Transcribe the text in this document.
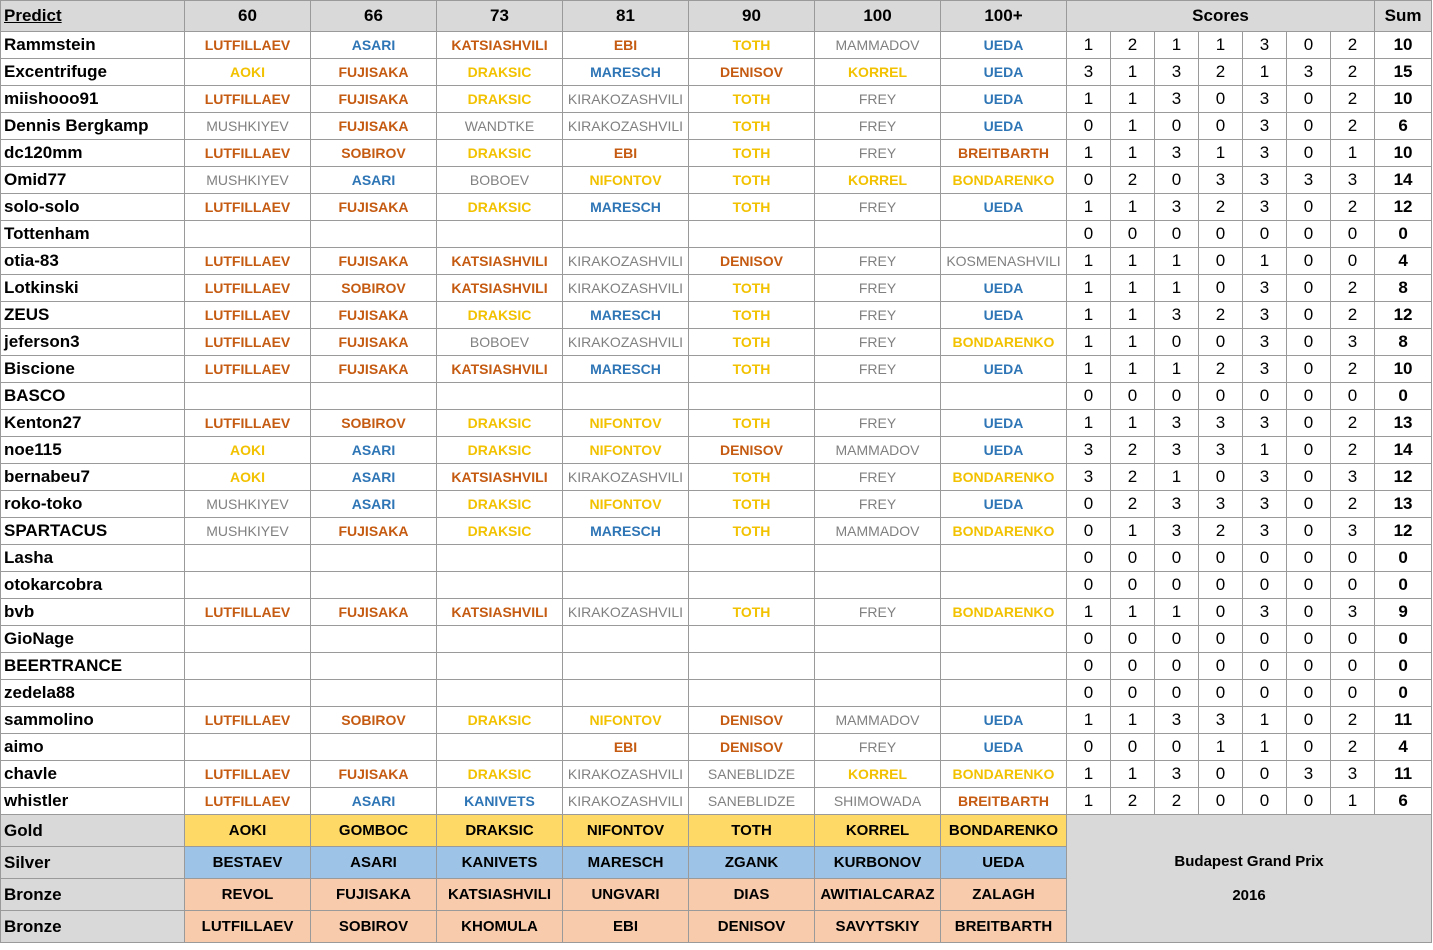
Predict	60	66	73	81	90	100	100+	Scores							Sum
Rammstein	LUTFILLAEV	ASARI	KATSIASHVILI	EBI	TOTH	MAMMADOV	UEDA	1	2	1	1	3	0	2	10
Excentrifuge	AOKI	FUJISAKA	DRAKSIC	MARESCH	DENISOV	KORREL	UEDA	3	1	3	2	1	3	2	15
miishooo91	LUTFILLAEV	FUJISAKA	DRAKSIC	KIRAKOZASHVILI	TOTH	FREY	UEDA	1	1	3	0	3	0	2	10
Dennis Bergkamp	MUSHKIYEV	FUJISAKA	WANDTKE	KIRAKOZASHVILI	TOTH	FREY	UEDA	0	1	0	0	3	0	2	6
dc120mm	LUTFILLAEV	SOBIROV	DRAKSIC	EBI	TOTH	FREY	BREITBARTH	1	1	3	1	3	0	1	10
Omid77	MUSHKIYEV	ASARI	BOBOEV	NIFONTOV	TOTH	KORREL	BONDARENKO	0	2	0	3	3	3	3	14
solo-solo	LUTFILLAEV	FUJISAKA	DRAKSIC	MARESCH	TOTH	FREY	UEDA	1	1	3	2	3	0	2	12
Tottenham								0	0	0	0	0	0	0	0
otia-83	LUTFILLAEV	FUJISAKA	KATSIASHVILI	KIRAKOZASHVILI	DENISOV	FREY	KOSMENASHVILI	1	1	1	0	1	0	0	4
Lotkinski	LUTFILLAEV	SOBIROV	KATSIASHVILI	KIRAKOZASHVILI	TOTH	FREY	UEDA	1	1	1	0	3	0	2	8
ZEUS	LUTFILLAEV	FUJISAKA	DRAKSIC	MARESCH	TOTH	FREY	UEDA	1	1	3	2	3	0	2	12
jeferson3	LUTFILLAEV	FUJISAKA	BOBOEV	KIRAKOZASHVILI	TOTH	FREY	BONDARENKO	1	1	0	0	3	0	3	8
Biscione	LUTFILLAEV	FUJISAKA	KATSIASHVILI	MARESCH	TOTH	FREY	UEDA	1	1	1	2	3	0	2	10
BASCO								0	0	0	0	0	0	0	0
Kenton27	LUTFILLAEV	SOBIROV	DRAKSIC	NIFONTOV	TOTH	FREY	UEDA	1	1	3	3	3	0	2	13
noe115	AOKI	ASARI	DRAKSIC	NIFONTOV	DENISOV	MAMMADOV	UEDA	3	2	3	3	1	0	2	14
bernabeu7	AOKI	ASARI	KATSIASHVILI	KIRAKOZASHVILI	TOTH	FREY	BONDARENKO	3	2	1	0	3	0	3	12
roko-toko	MUSHKIYEV	ASARI	DRAKSIC	NIFONTOV	TOTH	FREY	UEDA	0	2	3	3	3	0	2	13
SPARTACUS	MUSHKIYEV	FUJISAKA	DRAKSIC	MARESCH	TOTH	MAMMADOV	BONDARENKO	0	1	3	2	3	0	3	12
Lasha								0	0	0	0	0	0	0	0
otokarcobra								0	0	0	0	0	0	0	0
bvb	LUTFILLAEV	FUJISAKA	KATSIASHVILI	KIRAKOZASHVILI	TOTH	FREY	BONDARENKO	1	1	1	0	3	0	3	9
GioNage								0	0	0	0	0	0	0	0
BEERTRANCE								0	0	0	0	0	0	0	0
zedela88								0	0	0	0	0	0	0	0
sammolino	LUTFILLAEV	SOBIROV	DRAKSIC	NIFONTOV	DENISOV	MAMMADOV	UEDA	1	1	3	3	1	0	2	11
aimo				EBI	DENISOV	FREY	UEDA	0	0	0	1	1	0	2	4
chavle	LUTFILLAEV	FUJISAKA	DRAKSIC	KIRAKOZASHVILI	SANEBLIDZE	KORREL	BONDARENKO	1	1	3	0	0	3	3	11
whistler	LUTFILLAEV	ASARI	KANIVETS	KIRAKOZASHVILI	SANEBLIDZE	SHIMOWADA	BREITBARTH	1	2	2	0	0	0	1	6
Gold	AOKI	GOMBOC	DRAKSIC	NIFONTOV	TOTH	KORREL	BONDARENKO	Budapest Grand Prix
2016							

Silver	BESTAEV	ASARI	KANIVETS	MARESCH	ZGANK	KURBONOV	UEDA								
Bronze	REVOL	FUJISAKA	KATSIASHVILI	UNGVARI	DIAS	AWITIALCARAZ	ZALAGH								
Bronze	LUTFILLAEV	SOBIROV	KHOMULA	EBI	DENISOV	SAVYTSKIY	BREITBARTH								
